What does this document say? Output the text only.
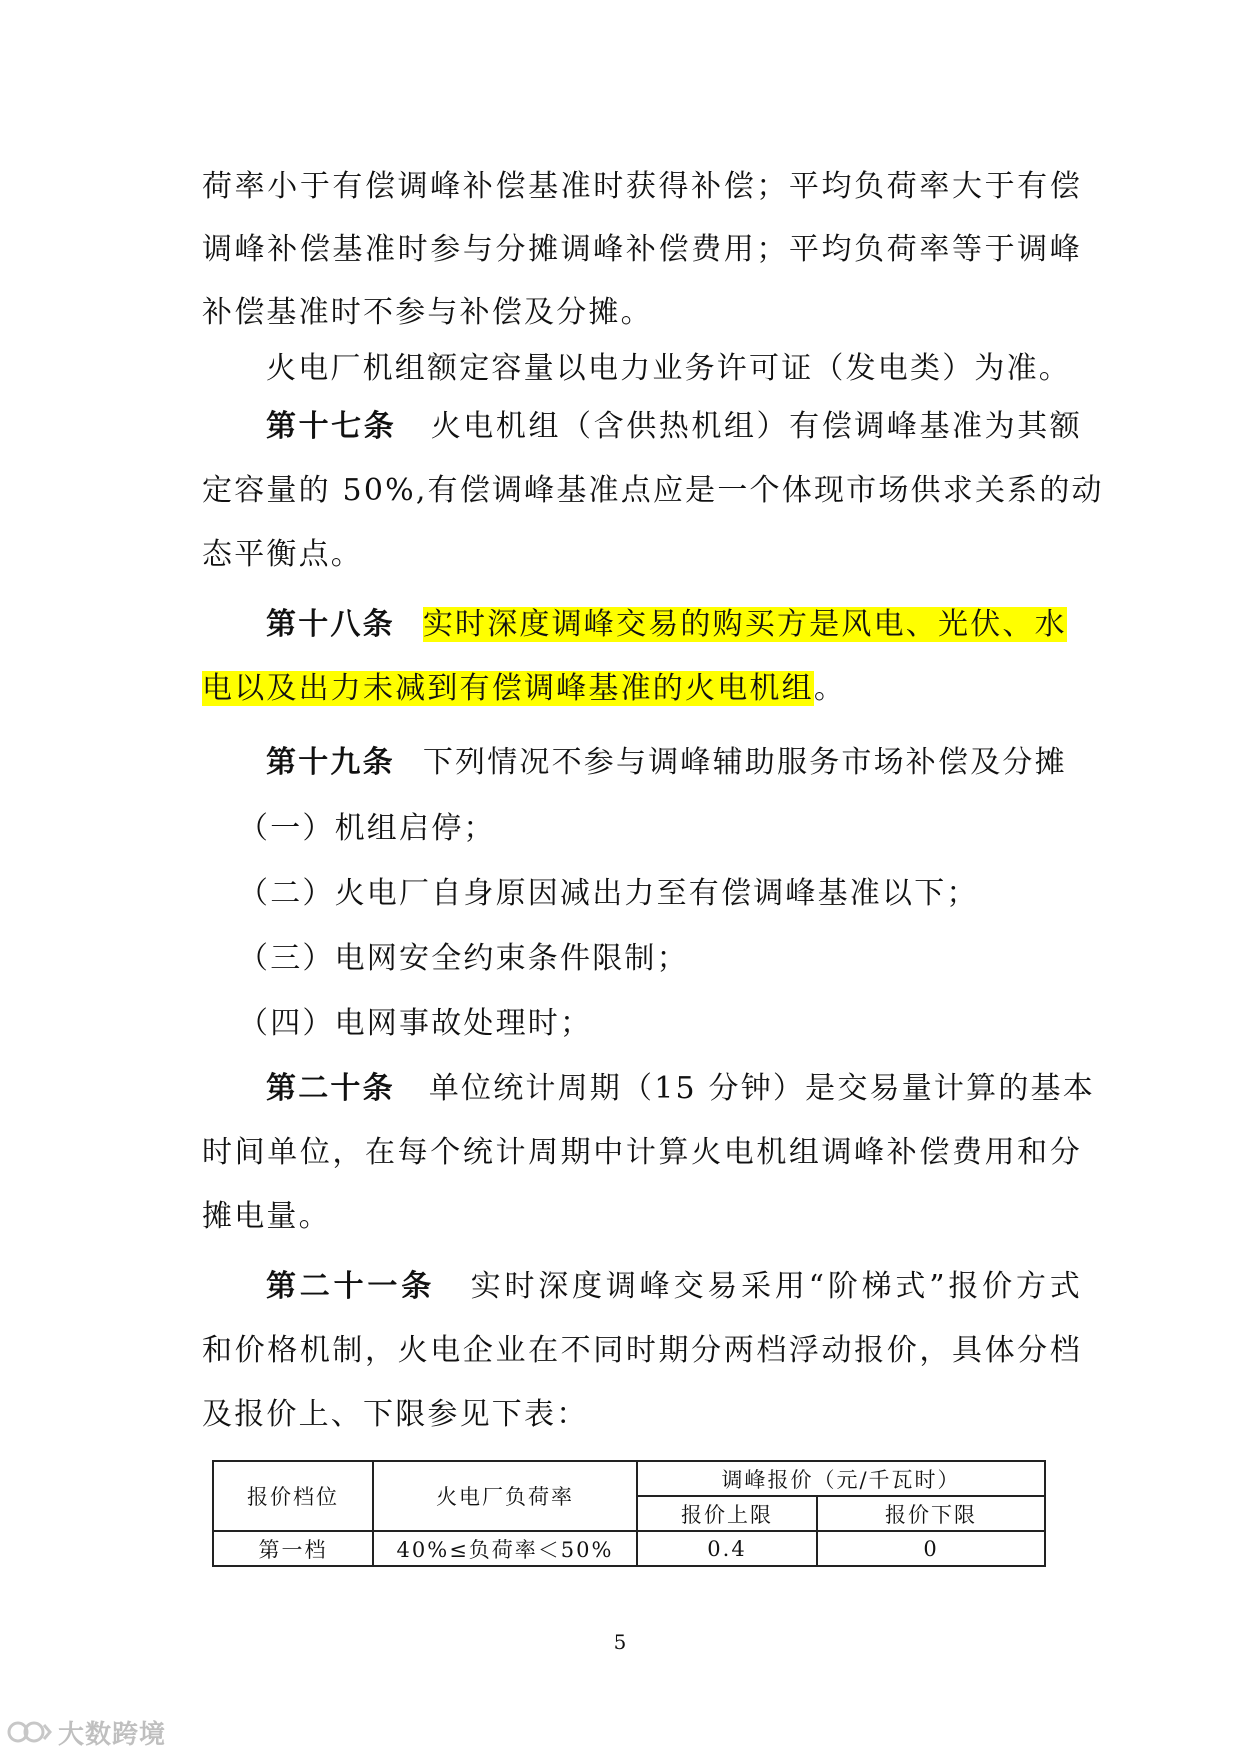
荷率小于有偿调峰补偿基准时获得补偿；平均负荷率大于有偿
调峰补偿基准时参与分摊调峰补偿费用；平均负荷率等于调峰
补偿基准时不参与补偿及分摊。
火电厂机组额定容量以电力业务许可证（发电类）为准。
第十七条 火电机组（含供热机组）有偿调峰基准为其额
定容量的 50%,有偿调峰基准点应是一个体现市场供求关系的动
态平衡点。
第十八条 实时深度调峰交易的购买方是风电、光伏、水
电以及出力未减到有偿调峰基准的火电机组。
第十九条 下列情况不参与调峰辅助服务市场补偿及分摊
（一）机组启停；
（二）火电厂自身原因减出力至有偿调峰基准以下；
（三）电网安全约束条件限制；
（四）电网事故处理时；
第二十条 单位统计周期（15 分钟）是交易量计算的基本
时间单位，在每个统计周期中计算火电机组调峰补偿费用和分
摊电量。
第二十一条 实时深度调峰交易采用“阶梯式”报价方式
和价格机制，火电企业在不同时期分两档浮动报价，具体分档
及报价上、下限参见下表：
报价档位	火电厂负荷率	调峰报价（元/千瓦时）	
		报价上限	报价下限
第一档	40%≤负荷率＜50%	0.4	0
5
大数跨境
